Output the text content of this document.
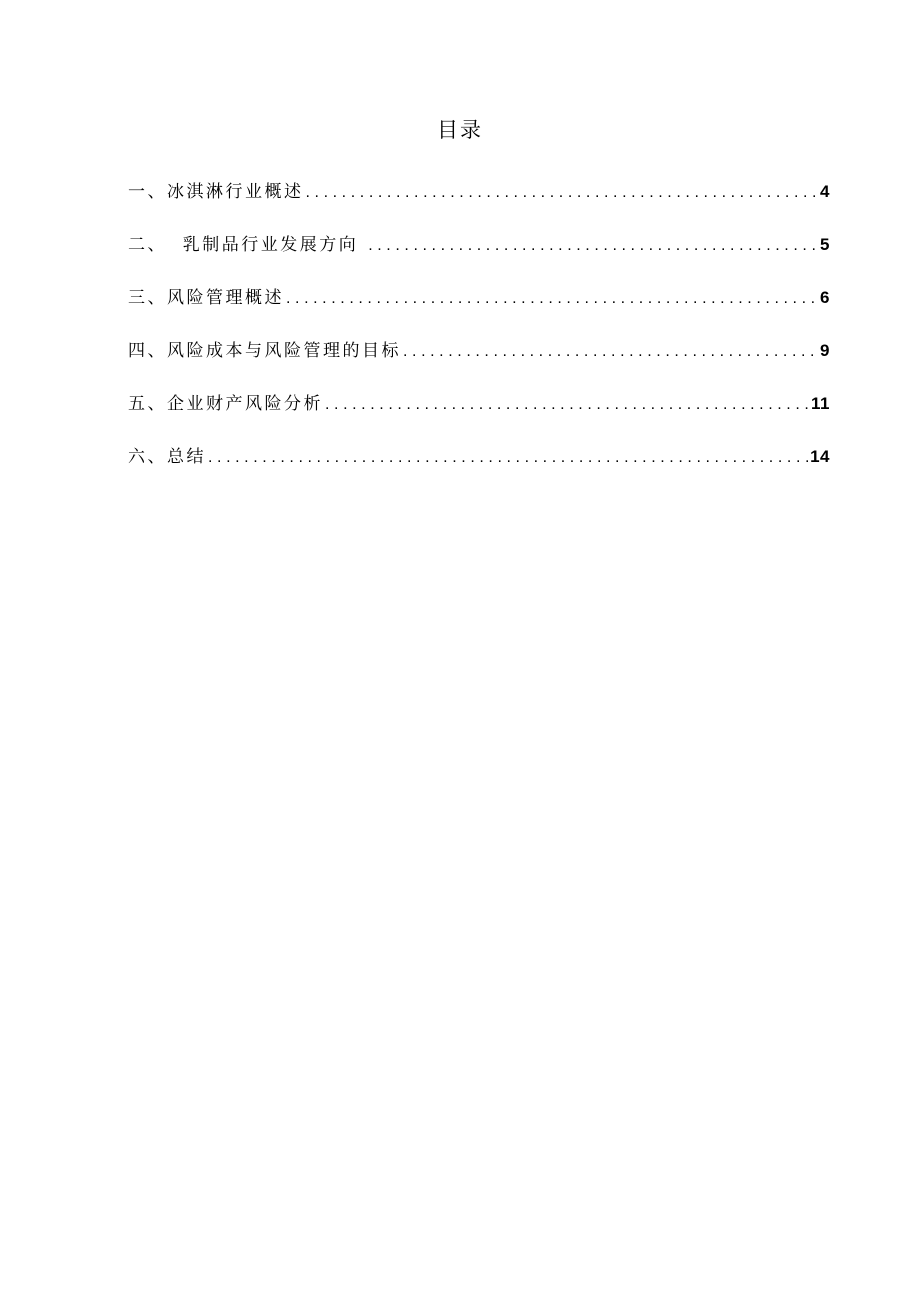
目录
一、冰淇淋行业概述 .....	4
二、  乳制品行业发展方向 .....	5
三、风险管理概述 .....	6
四、风险成本与风险管理的目标 .....	9
五、企业财产风险分析 .....	11
六、总结 .....	14
